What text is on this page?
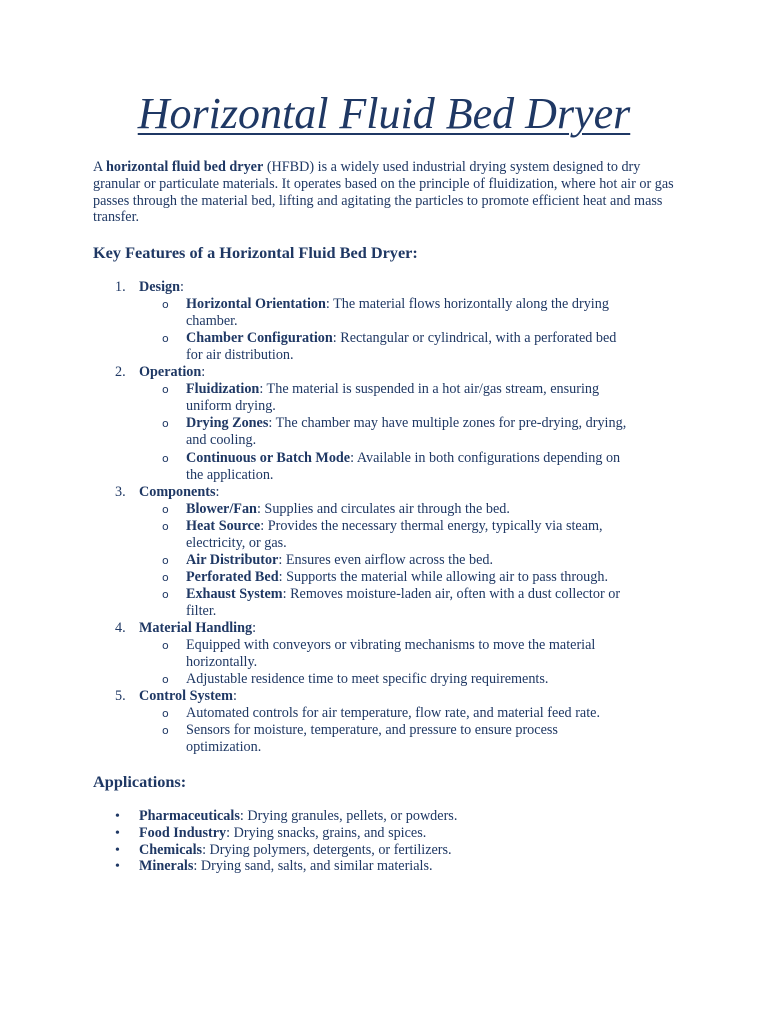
Horizontal Fluid Bed Dryer

A horizontal fluid bed dryer (HFBD) is a widely used industrial drying system designed to dry granular or particulate materials. It operates based on the principle of fluidization, where hot air or gas passes through the material bed, lifting and agitating the particles to promote efficient heat and mass transfer.

Key Features of a Horizontal Fluid Bed Dryer:
1. Design:

o Horizontal Orientation: The material flows horizontally along the drying

chamber.

o Chamber Configuration: Rectangular or cylindrical, with a perforated bed

for air distribution.

2. Operation:

o Fluidization: The material is suspended in a hot air/gas stream, ensuring

uniform drying.

o Drying Zones: The chamber may have multiple zones for pre-drying, drying,

and cooling.

o Continuous or Batch Mode: Available in both configurations depending on

the application.

3. Components:

o Blower/Fan: Supplies and circulates air through the bed.

o Heat Source: Provides the necessary thermal energy, typically via steam,

electricity, or gas.

o Air Distributor: Ensures even airflow across the bed.

o Perforated Bed: Supports the material while allowing air to pass through.

o Exhaust System: Removes moisture-laden air, often with a dust collector or

filter.

4. Material Handling:

o Equipped with conveyors or vibrating mechanisms to move the material

horizontally.

o Adjustable residence time to meet specific drying requirements.

5. Control System:

o Automated controls for air temperature, flow rate, and material feed rate.

o Sensors for moisture, temperature, and pressure to ensure process

optimization.

Applications:
• Pharmaceuticals: Drying granules, pellets, or powders.

• Food Industry: Drying snacks, grains, and spices.

• Chemicals: Drying polymers, detergents, or fertilizers.

• Minerals: Drying sand, salts, and similar materials.
